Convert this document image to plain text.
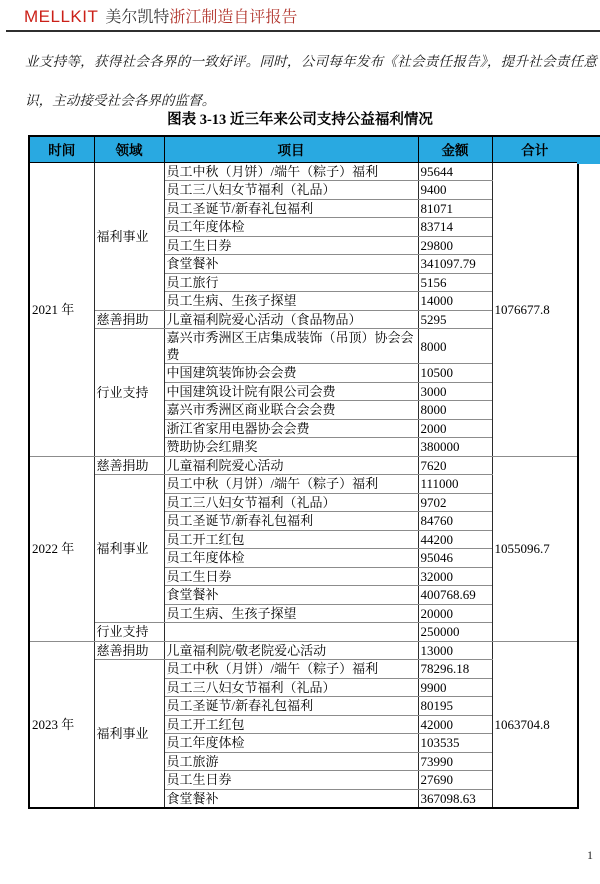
MELLKIT 美尔凯特浙江制造自评报告
业支持等，获得社会各界的一致好评。同时，公司每年发布《社会责任报告》，提升社会责任意识，主动接受社会各界的监督。
图表 3-13 近三年来公司支持公益福利情况
时间	领域	项目	金额	合计
2021 年	福利事业	员工中秋（月饼）/端午（粽子）福利	95644	1076677.8
		员工三八妇女节福利（礼品）	9400	
		员工圣诞节/新春礼包福利	81071	
		员工年度体检	83714	
		员工生日券	29800	
		食堂餐补	341097.79	
		员工旅行	5156	
		员工生病、生孩子探望	14000	
	慈善捐助	儿童福利院爱心活动（食品物品）	5295	
	行业支持	嘉兴市秀洲区王店集成装饰（吊顶）协会会费	8000	
		中国建筑装饰协会会费	10500	
		中国建筑设计院有限公司会费	3000	
		嘉兴市秀洲区商业联合会会费	8000	
		浙江省家用电器协会会费	2000	
		赞助协会红鼎奖	380000	
2022 年	慈善捐助	儿童福利院爱心活动	7620	1055096.7
	福利事业	员工中秋（月饼）/端午（粽子）福利	111000	
		员工三八妇女节福利（礼品）	9702	
		员工圣诞节/新春礼包福利	84760	
		员工开工红包	44200	
		员工年度体检	95046	
		员工生日券	32000	
		食堂餐补	400768.69	
		员工生病、生孩子探望	20000	
	行业支持		250000	
2023 年	慈善捐助	儿童福利院/敬老院爱心活动	13000	1063704.8
	福利事业	员工中秋（月饼）/端午（粽子）福利	78296.18	
		员工三八妇女节福利（礼品）	9900	
		员工圣诞节/新春礼包福利	80195	
		员工开工红包	42000	
		员工年度体检	103535	
		员工旅游	73990	
		员工生日券	27690	
		食堂餐补	367098.63	
1
